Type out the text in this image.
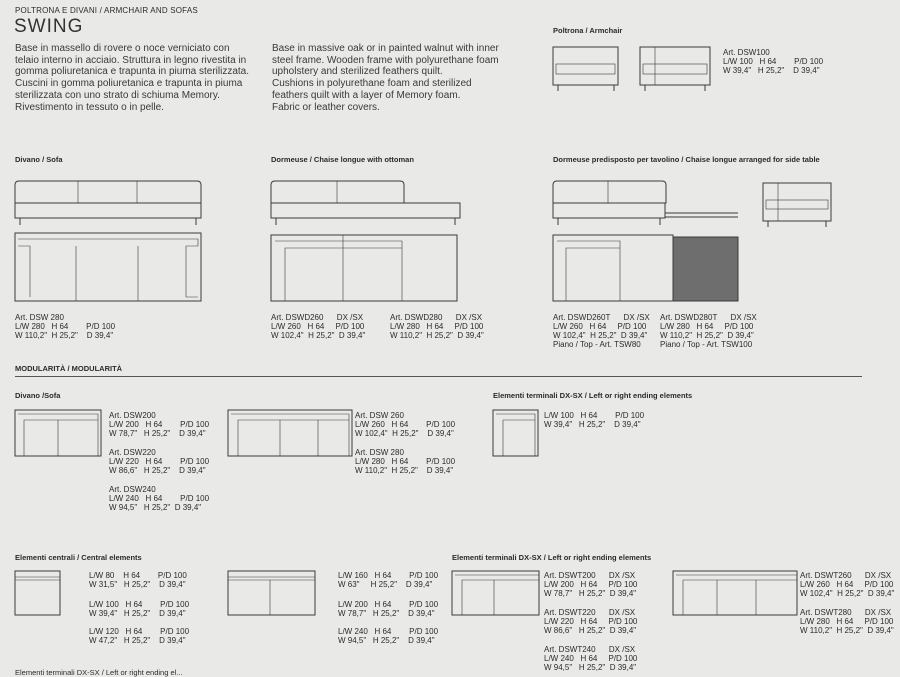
POLTRONA E DIVANI / ARMCHAIR AND SOFAS
SWING
Base in massello di rovere o noce verniciato con
telaio interno in acciaio. Struttura in legno rivestita in
gomma poliuretanica e trapunta in piuma sterilizzata.
Cuscini in gomma poliuretanica e trapunta in piuma
sterilizzata con uno strato di schiuma Memory.
Rivestimento in tessuto o in pelle.
Base in massive oak or in painted walnut with inner
steel frame. Wooden frame with polyurethane foam
upholstery and sterilized feathers quilt.
Cushions in polyurethane foam and sterilized
feathers quilt with a layer of Memory foam.
Fabric or leather covers.
Poltrona / Armchair
Art. DSW100
L/W 100   H 64        P/D 100
W 39,4"   H 25,2"    D 39,4"
Divano / Sofa
Art. DSW 280
L/W 280   H 64        P/D 100
W 110,2"  H 25,2"    D 39,4"
Dormeuse / Chaise longue with ottoman
Art. DSWD260      DX /SX
L/W 260   H 64     P/D 100
W 102,4"  H 25,2"  D 39,4"
Art. DSWD280      DX /SX
L/W 280   H 64     P/D 100
W 110,2"  H 25,2"  D 39,4"
Dormeuse predisposto per tavolino / Chaise longue arranged for side table
Art. DSWD260T      DX /SX
L/W 260   H 64     P/D 100
W 102,4"  H 25,2"  D 39,4"
Piano / Top - Art. TSW80
Art. DSWD280T      DX /SX
L/W 280   H 64     P/D 100
W 110,2"  H 25,2"  D 39,4"
Piano / Top - Art. TSW100
MODULARITÀ / MODULARITÀ
Divano /Sofa
Art. DSW200
L/W 200   H 64        P/D 100
W 78,7"   H 25,2"    D 39,4"
Art. DSW220
L/W 220   H 64        P/D 100
W 86,6"   H 25,2"    D 39,4"
Art. DSW240
L/W 240   H 64        P/D 100
W 94,5"   H 25,2"  D 39,4"
Art. DSW 260
L/W 260   H 64        P/D 100
W 102,4"  H 25,2"    D 39,4"
Art. DSW 280
L/W 280   H 64        P/D 100
W 110,2"  H 25,2"    D 39,4"
Elementi terminali DX-SX / Left or right ending elements
L/W 100   H 64        P/D 100
W 39,4"   H 25,2"    D 39,4"
Elementi centrali / Central elements
L/W 80    H 64        P/D 100
W 31,5"   H 25,2"    D 39,4"
L/W 100   H 64        P/D 100
W 39,4"   H 25,2"    D 39,4"
L/W 120   H 64        P/D 100
W 47,2"   H 25,2"    D 39,4"
L/W 160   H 64        P/D 100
W 63"     H 25,2"    D 39,4"
L/W 200   H 64        P/D 100
W 78,7"   H 25,2"    D 39,4"
L/W 240   H 64        P/D 100
W 94,5"   H 25,2"    D 39,4"
Elementi terminali DX-SX / Left or right ending elements
Art. DSWT200      DX /SX
L/W 200   H 64     P/D 100
W 78,7"   H 25,2"  D 39,4"
Art. DSWT220      DX /SX
L/W 220   H 64     P/D 100
W 86,6"   H 25,2"  D 39,4"
Art. DSWT240      DX /SX
L/W 240   H 64     P/D 100
W 94,5"   H 25,2"  D 39,4"
Art. DSWT260      DX /SX
L/W 260   H 64     P/D 100
W 102,4"  H 25,2"  D 39,4"
Art. DSWT280      DX /SX
L/W 280   H 64     P/D 100
W 110,2"  H 25,2"  D 39,4"
Elementi terminali DX-SX / Left or right ending el...
